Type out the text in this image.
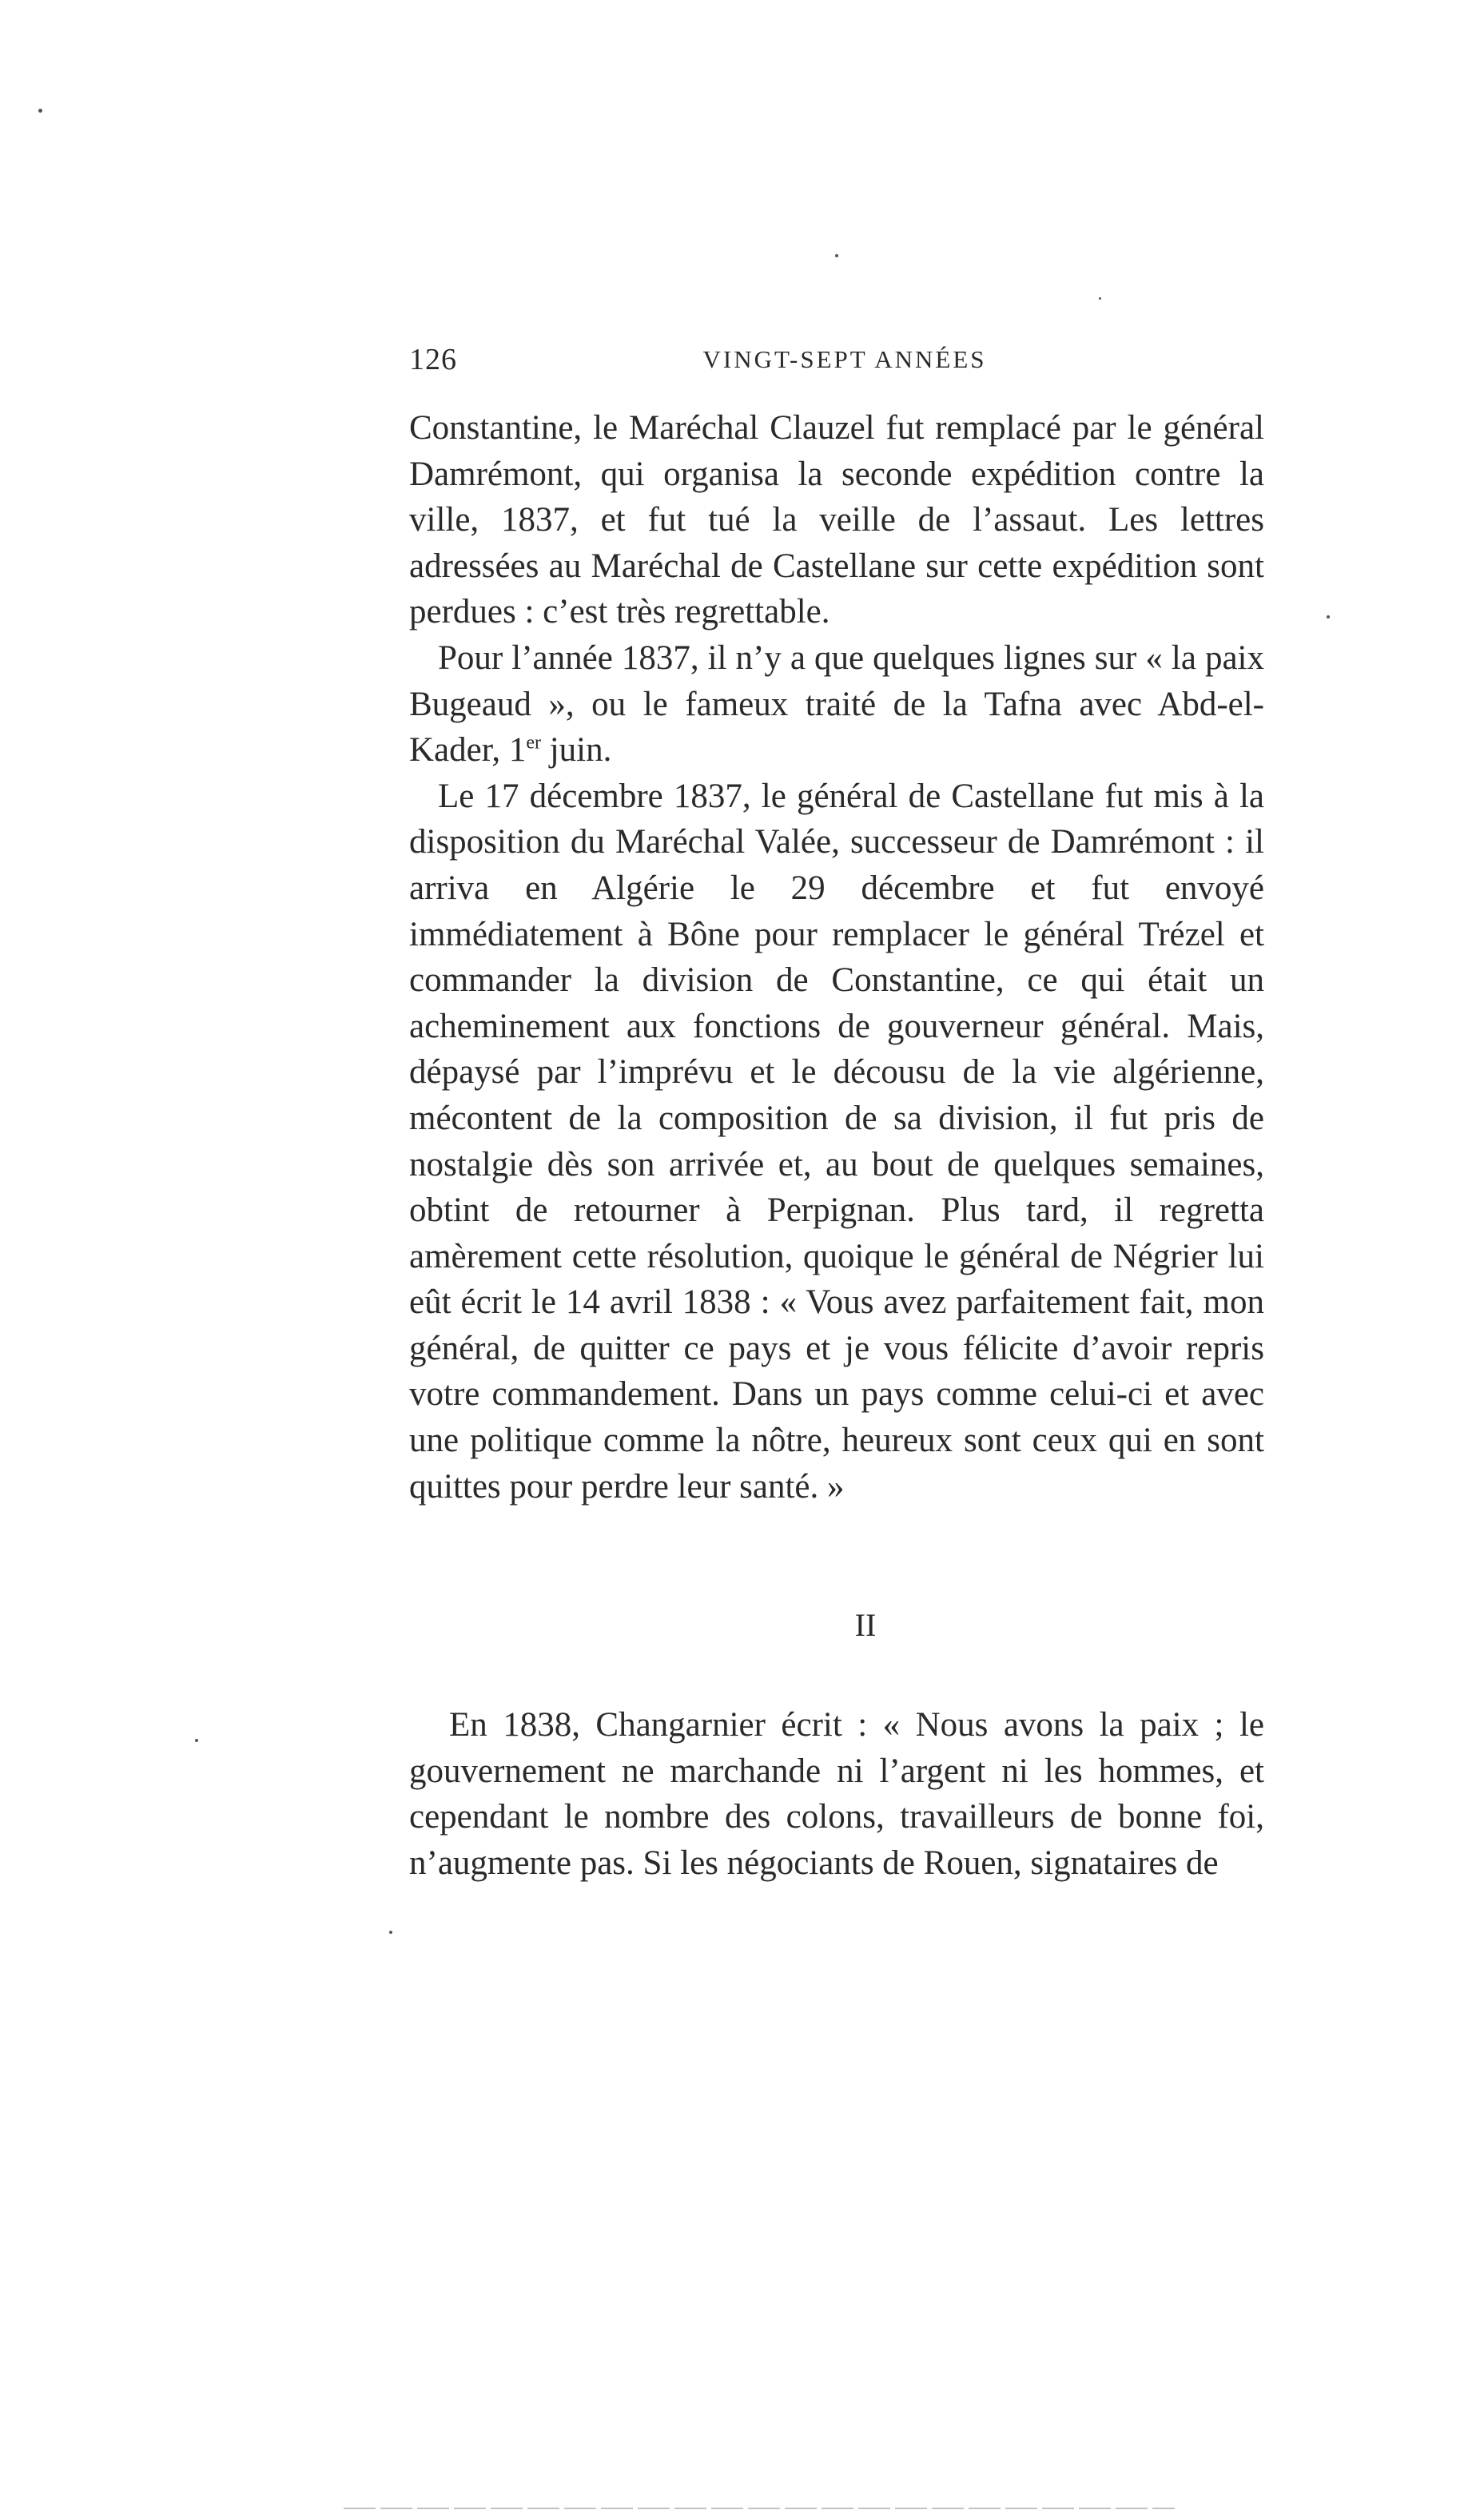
126	VINGT-SEPT ANNÉES

Constantine, le Maréchal Clauzel fut remplacé par le général Damrémont, qui organisa la seconde expédition contre la ville, 1837, et fut tué la veille de l’assaut. Les lettres adressées au Maréchal de Castellane sur cette expédition sont perdues : c’est très regrettable.

Pour l’année 1837, il n’y a que quelques lignes sur « la paix Bugeaud », ou le fameux traité de la Tafna avec Abd-el-Kader, 1er juin.

Le 17 décembre 1837, le général de Castellane fut mis à la disposition du Maréchal Valée, successeur de Damrémont : il arriva en Algérie le 29 décembre et fut envoyé immédiatement à Bône pour remplacer le général Trézel et commander la division de Constantine, ce qui était un acheminement aux fonctions de gouverneur général. Mais, dépaysé par l’imprévu et le décousu de la vie algérienne, mécontent de la composition de sa division, il fut pris de nostalgie dès son arrivée et, au bout de quelques semaines, obtint de retourner à Perpignan. Plus tard, il regretta amèrement cette résolution, quoique le général de Négrier lui eût écrit le 14 avril 1838 : « Vous avez parfaitement fait, mon général, de quitter ce pays et je vous félicite d’avoir repris votre commandement. Dans un pays comme celui-ci et avec une politique comme la nôtre, heureux sont ceux qui en sont quittes pour perdre leur santé. »

II

En 1838, Changarnier écrit : « Nous avons la paix ; le gouvernement ne marchande ni l’argent ni les hommes, et cependant le nombre des colons, travailleurs de bonne foi, n’augmente pas. Si les négociants de Rouen, signataires de
